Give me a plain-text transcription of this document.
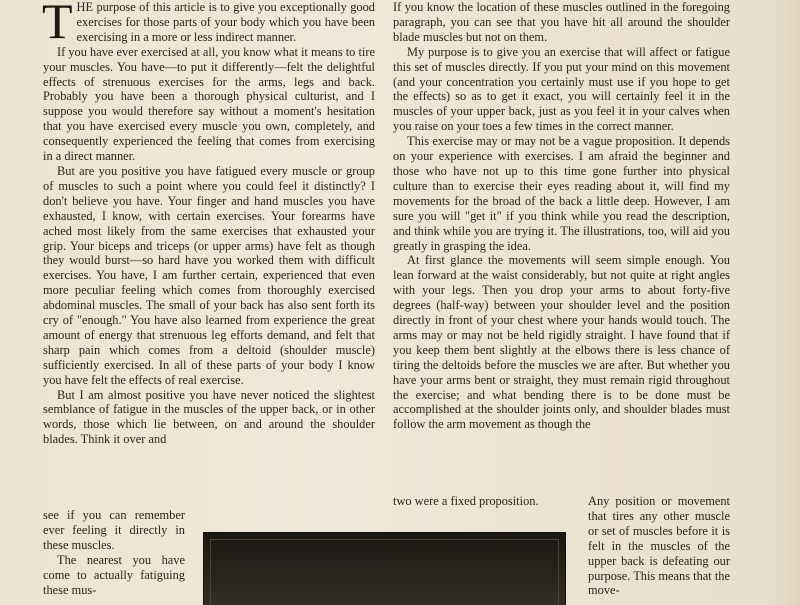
THE purpose of this article is to give you exceptionally good exercises for those parts of your body which you have been exercising in a more or less indirect manner.

If you have ever exercised at all, you know what it means to tire your muscles. You have—to put it differently—felt the delightful effects of strenuous exercises for the arms, legs and back. Probably you have been a thorough physical culturist, and I suppose you would therefore say without a moment's hesitation that you have exercised every muscle you own, completely, and consequently experienced the feeling that comes from exercising in a direct manner.

But are you positive you have fatigued every muscle or group of muscles to such a point where you could feel it distinctly? I don't believe you have. Your finger and hand muscles you have exhausted, I know, with certain exercises. Your forearms have ached most likely from the same exercises that exhausted your grip. Your biceps and triceps (or upper arms) have felt as though they would burst—so hard have you worked them with difficult exercises. You have, I am further certain, experienced that even more peculiar feeling which comes from thoroughly exercised abdominal muscles. The small of your back has also sent forth its cry of "enough." You have also learned from experience the great amount of energy that strenuous leg efforts demand, and felt that sharp pain which comes from a deltoid (shoulder muscle) sufficiently exercised. In all of these parts of your body I know you have felt the effects of real exercise.

But I am almost positive you have never noticed the slightest semblance of fatigue in the muscles of the upper back, or in other words, those which lie between, on and around the shoulder blades. Think it over and

see if you can remember ever feeling it directly in these muscles.

The nearest you have come to actually fatiguing these mus-

If you know the location of these muscles outlined in the foregoing paragraph, you can see that you have hit all around the shoulder blade muscles but not on them.

My purpose is to give you an exercise that will affect or fatigue this set of muscles directly. If you put your mind on this movement (and your concentration you certainly must use if you hope to get the effects) so as to get it exact, you will certainly feel it in the muscles of your upper back, just as you feel it in your calves when you raise on your toes a few times in the correct manner.

This exercise may or may not be a vague proposition. It depends on your experience with exercises. I am afraid the beginner and those who have not up to this time gone further into physical culture than to exercise their eyes reading about it, will find my movements for the broad of the back a little deep. However, I am sure you will "get it" if you think while you read the description, and think while you are trying it. The illustrations, too, will aid you greatly in grasping the idea.

At first glance the movements will seem simple enough. You lean forward at the waist considerably, but not quite at right angles with your legs. Then you drop your arms to about forty-five degrees (half-way) between your shoulder level and the position directly in front of your chest where your hands would touch. The arms may or may not be held rigidly straight. I have found that if you keep them bent slightly at the elbows there is less chance of tiring the deltoids before the muscles we are after. But whether you have your arms bent or straight, they must remain rigid throughout the exercise; and what bending there is to be done must be accomplished at the shoulder joints only, and shoulder blades must follow the arm movement as though the

two were a fixed proposition.	Any position or movement that tires any other muscle or set of muscles before it is felt in the muscles of the upper back is defeating our purpose. This means that the move-
